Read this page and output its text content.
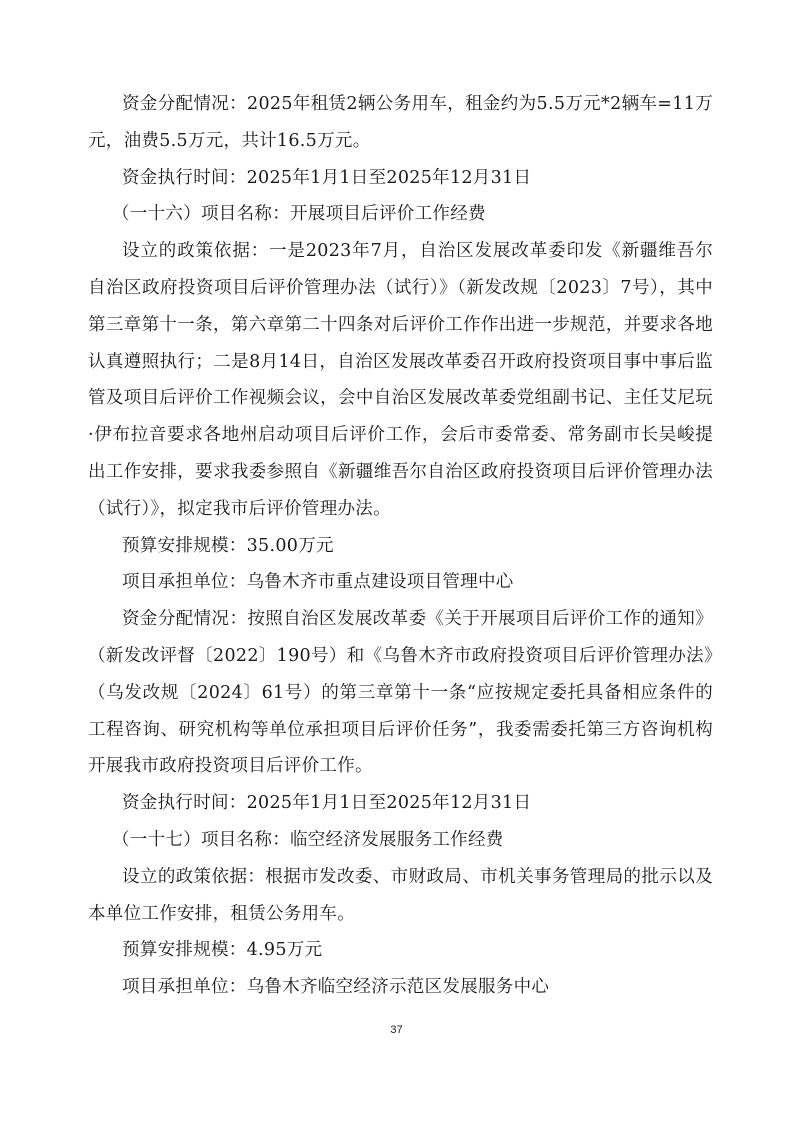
资金分配情况：2025年租赁2辆公务用车，租金约为5.5万元*2辆车=11万元，油费5.5万元，共计16.5万元。

资金执行时间：2025年1月1日至2025年12月31日

（一十六）项目名称：开展项目后评价工作经费

设立的政策依据：一是2023年7月，自治区发展改革委印发《新疆维吾尔自治区政府投资项目后评价管理办法（试行）》（新发改规〔2023〕7号），其中第三章第十一条，第六章第二十四条对后评价工作作出进一步规范，并要求各地认真遵照执行；二是8月14日，自治区发展改革委召开政府投资项目事中事后监管及项目后评价工作视频会议，会中自治区发展改革委党组副书记、主任艾尼玩·伊布拉音要求各地州启动项目后评价工作，会后市委常委、常务副市长吴峻提出工作安排，要求我委参照自《新疆维吾尔自治区政府投资项目后评价管理办法（试行）》，拟定我市后评价管理办法。

预算安排规模：35.00万元

项目承担单位：乌鲁木齐市重点建设项目管理中心

资金分配情况：按照自治区发展改革委《关于开展项目后评价工作的通知》（新发改评督〔2022〕190号）和《乌鲁木齐市政府投资项目后评价管理办法》（乌发改规〔2024〕61号）的第三章第十一条“应按规定委托具备相应条件的工程咨询、研究机构等单位承担项目后评价任务”，我委需委托第三方咨询机构开展我市政府投资项目后评价工作。

资金执行时间：2025年1月1日至2025年12月31日

（一十七）项目名称：临空经济发展服务工作经费

设立的政策依据：根据市发改委、市财政局、市机关事务管理局的批示以及本单位工作安排，租赁公务用车。

预算安排规模：4.95万元

项目承担单位：乌鲁木齐临空经济示范区发展服务中心

37
